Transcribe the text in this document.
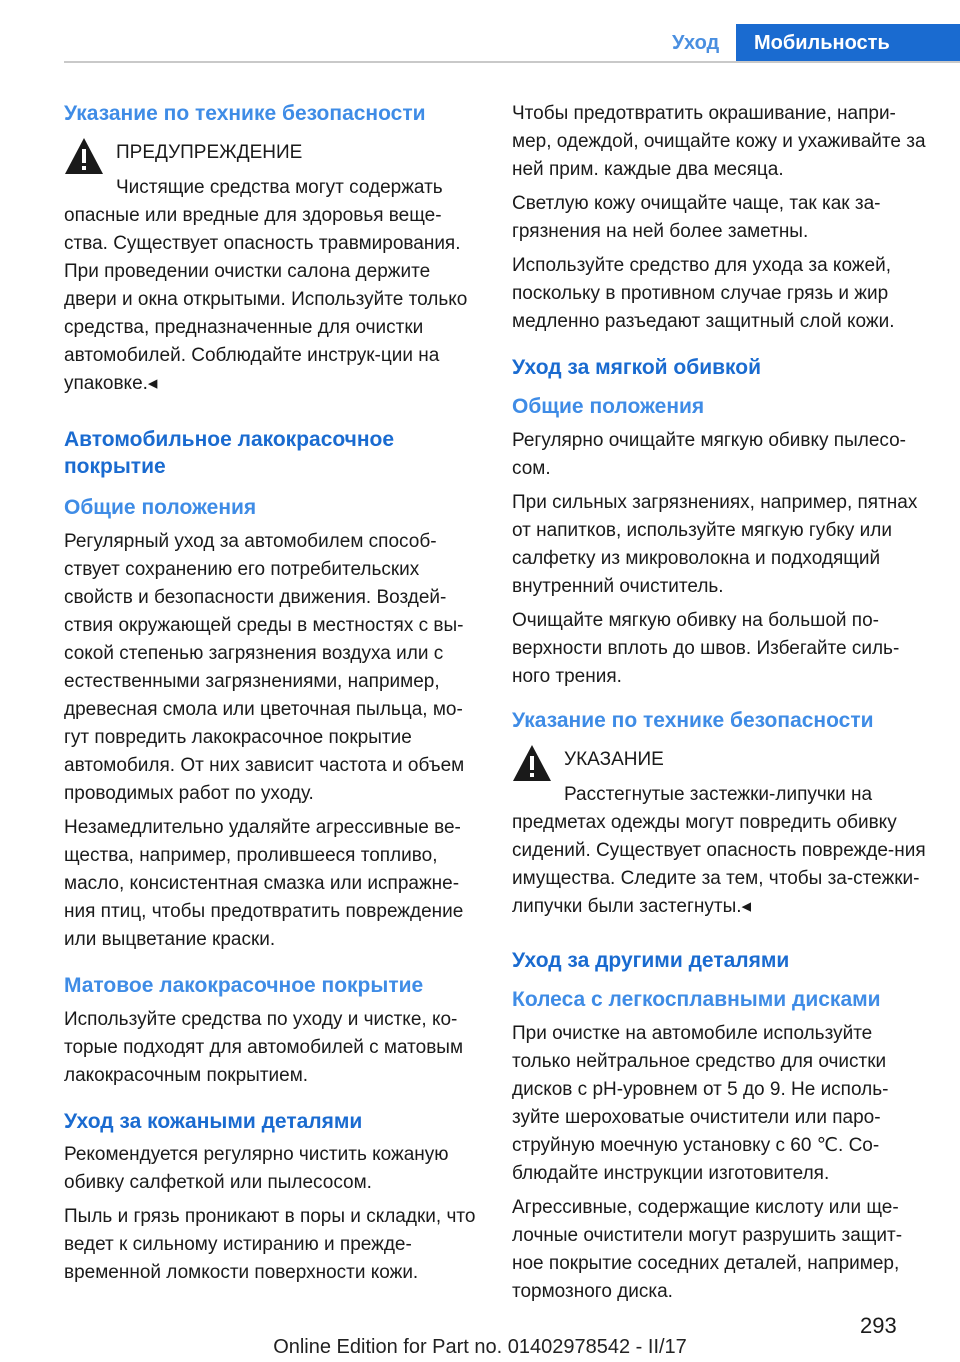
Уход	Мобильность

Указание по технике безопасности

ПРЕДУПРЕЖДЕНИЕ

Чистящие средства могут содержать опасные или вредные для здоровья веще-ства. Существует опасность травмирования. При проведении очистки салона держите двери и окна открытыми. Используйте только средства, предназначенные для очистки автомобилей. Соблюдайте инструк-ции на упаковке.◂

Автомобильное лакокрасочное покрытие

Общие положения

Регулярный уход за автомобилем способ-ствует сохранению его потребительских свойств и безопасности движения. Воздей-ствия окружающей среды в местностях с вы-сокой степенью загрязнения воздуха или с естественными загрязнениями, например, древесная смола или цветочная пыльца, мо-гут повредить лакокрасочное покрытие автомобиля. От них зависит частота и объем проводимых работ по уходу.

Незамедлительно удаляйте агрессивные ве-щества, например, пролившееся топливо, масло, консистентная смазка или испражне-ния птиц, чтобы предотвратить повреждение или выцветание краски.

Матовое лакокрасочное покрытие

Используйте средства по уходу и чистке, ко-торые подходят для автомобилей с матовым лакокрасочным покрытием.

Уход за кожаными деталями

Рекомендуется регулярно чистить кожаную обивку салфеткой или пылесосом.

Пыль и грязь проникают в поры и складки, что ведет к сильному истиранию и прежде-временной ломкости поверхности кожи.

Чтобы предотвратить окрашивание, напри-мер, одеждой, очищайте кожу и ухаживайте за ней прим. каждые два месяца.

Светлую кожу очищайте чаще, так как за-грязнения на ней более заметны.

Используйте средство для ухода за кожей, поскольку в противном случае грязь и жир медленно разъедают защитный слой кожи.

Уход за мягкой обивкой

Общие положения

Регулярно очищайте мягкую обивку пылесо-сом.

При сильных загрязнениях, например, пятнах от напитков, используйте мягкую губку или салфетку из микроволокна и подходящий внутренний очиститель.

Очищайте мягкую обивку на большой по-верхности вплоть до швов. Избегайте силь-ного трения.

Указание по технике безопасности

УКАЗАНИЕ

Расстегнутые застежки-липучки на предметах одежды могут повредить обивку сидений. Существует опасность поврежде-ния имущества. Следите за тем, чтобы за-стежки-липучки были застегнуты.◂

Уход за другими деталями

Колеса с легкосплавными дисками

При очистке на автомобиле используйте только нейтральное средство для очистки дисков с pH-уровнем от 5 до 9. Не исполь-зуйте шероховатые очистители или паро-струйную моечную установку с 60 ℃. Со-блюдайте инструкции изготовителя.

Агрессивные, содержащие кислоту или ще-лочные очистители могут разрушить защит-ное покрытие соседних деталей, например, тормозного диска.

293
Online Edition for Part no. 01402978542 - II/17
